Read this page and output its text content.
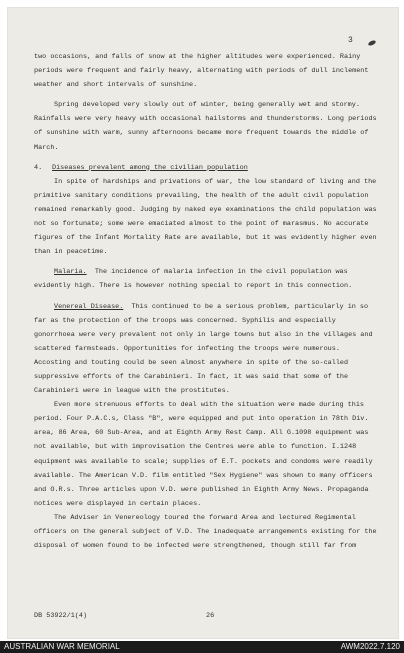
3

two occasions, and falls of snow at the higher altitudes were experienced. Rainy periods were frequent and fairly heavy, alternating with periods of dull inclement weather and short intervals of sunshine.

Spring developed very slowly out of winter, being generally wet and stormy. Rainfalls were very heavy with occasional hailstorms and thunderstorms. Long periods of sunshine with warm, sunny afternoons became more frequent towards the middle of March.

4. Diseases prevalent among the civilian population

In spite of hardships and privations of war, the low standard of living and the primitive sanitary conditions prevailing, the health of the adult civil population remained remarkably good. Judging by naked eye examinations the child population was not so fortunate; some were emaciated almost to the point of marasmus. No accurate figures of the Infant Mortality Rate are available, but it was evidently higher even than in peacetime.

Malaria. The incidence of malaria infection in the civil population was evidently high. There is however nothing special to report in this connection.

Venereal Disease. This continued to be a serious problem, particularly in so far as the protection of the troops was concerned. Syphilis and especially gonorrhoea were very prevalent not only in large towns but also in the villages and scattered farmsteads. Opportunities for infecting the troops were numerous. Accosting and touting could be seen almost anywhere in spite of the so-called suppressive efforts of the Carabinieri. In fact, it was said that some of the Carabinieri were in league with the prostitutes.

Even more strenuous efforts to deal with the situation were made during this period. Four P.A.C.s, Class "B", were equipped and put into operation in 78th Div. area, 86 Area, 60 Sub-Area, and at Eighth Army Rest Camp. All G.1098 equipment was not available, but with improvisation the Centres were able to function. I.1248 equipment was available to scale; supplies of E.T. pockets and condoms were readily available. The American V.D. film entitled "Sex Hygiene" was shown to many officers and O.R.s. Three articles upon V.D. were published in Eighth Army News. Propaganda notices were displayed in certain places.

The Adviser in Venereology toured the forward Area and lectured Regimental officers on the general subject of V.D. The inadequate arrangements existing for the disposal of women found to be infected were strengthened, though still far from

DB 53922/1(4)	26
AUSTRALIAN WAR MEMORIAL	AWM2022.7.120
